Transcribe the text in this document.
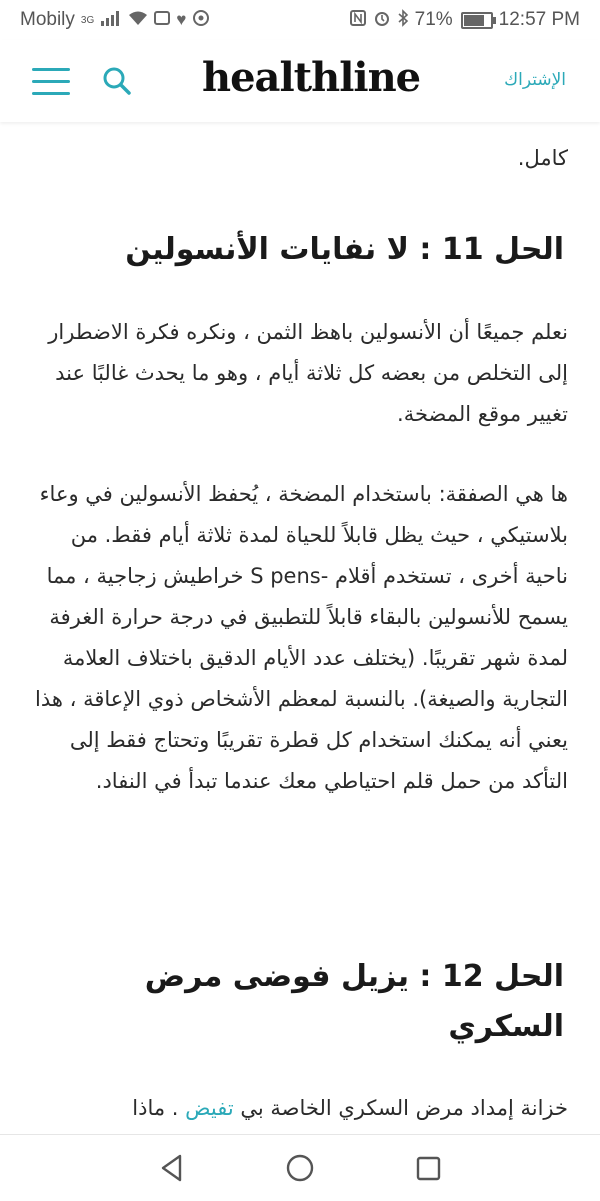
Mobily 3G	♥	71% 12:57 PM
healthline	الإشتراك
كامل.
الحل 11 : لا نفايات الأنسولين
نعلم جميعًا أن الأنسولين باهظ الثمن ، ونكره فكرة الاضطرار إلى التخلص من بعضه كل ثلاثة أيام ، وهو ما يحدث غالبًا عند تغيير موقع المضخة.
ها هي الصفقة: باستخدام المضخة ، يُحفظ الأنسولين في وعاء بلاستيكي ، حيث يظل قابلاً للحياة لمدة ثلاثة أيام فقط. من ناحية أخرى ، تستخدم أقلام -S pens خراطيش زجاجية ، مما يسمح للأنسولين بالبقاء قابلاً للتطبيق في درجة حرارة الغرفة لمدة شهر تقريبًا. (يختلف عدد الأيام الدقيق باختلاف العلامة التجارية والصيغة). بالنسبة لمعظم الأشخاص ذوي الإعاقة ، هذا يعني أنه يمكنك استخدام كل قطرة تقريبًا وتحتاج فقط إلى التأكد من حمل قلم احتياطي معك عندما تبدأ في النفاد.
الحل 12 : يزيل فوضى مرض السكري
خزانة إمداد مرض السكري الخاصة بي تفيض . ماذا
